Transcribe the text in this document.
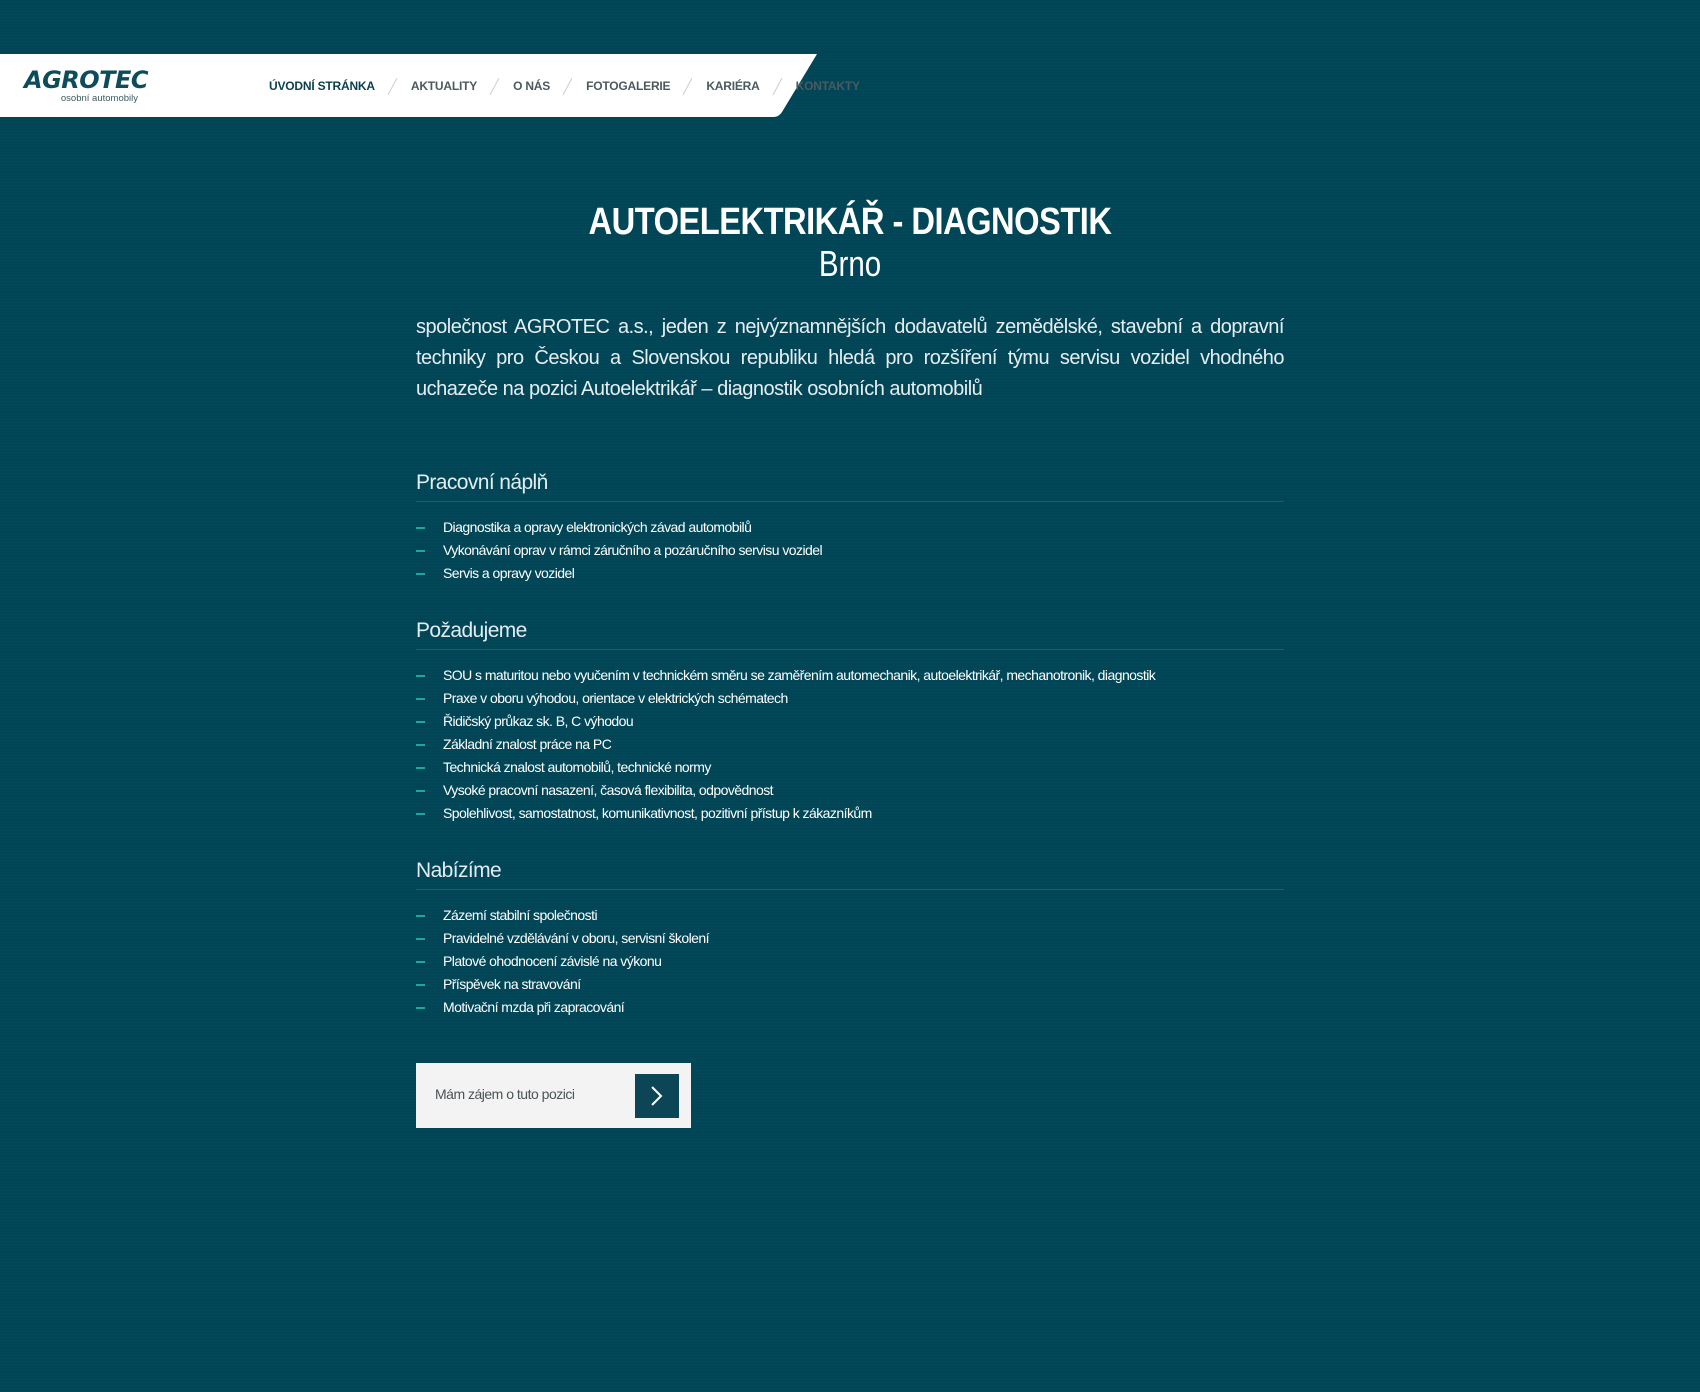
AGROTEC
osobní automobily
ÚVODNÍ STRÁNKA	AKTUALITY	O NÁS	FOTOGALERIE	KARIÉRA	KONTAKTY
AUTOELEKTRIKÁŘ - DIAGNOSTIK
Brno

společnost AGROTEC a.s., jeden z nejvýznamnějších dodavatelů zemědělské, stavební a dopravní techniky pro Českou a Slovenskou republiku hledá pro rozšíření týmu servisu vozidel vhodného uchazeče na pozici Autoelektrikář – diagnostik osobních automobilů

Pracovní náplň
Diagnostika a opravy elektronických závad automobilů
Vykonávání oprav v rámci záručního a pozáručního servisu vozidel
Servis a opravy vozidel
Požadujeme
SOU s maturitou nebo vyučením v technickém směru se zaměřením automechanik, autoelektrikář, mechanotronik, diagnostik
Praxe v oboru výhodou, orientace v elektrických schématech
Řidičský průkaz sk. B, C výhodou
Základní znalost práce na PC
Technická znalost automobilů, technické normy
Vysoké pracovní nasazení, časová flexibilita, odpovědnost
Spolehlivost, samostatnost, komunikativnost, pozitivní přístup k zákazníkům
Nabízíme
Zázemí stabilní společnosti
Pravidelné vzdělávání v oboru, servisní školení
Platové ohodnocení závislé na výkonu
Příspěvek na stravování
Motivační mzda při zapracování
Mám zájem o tuto pozici
